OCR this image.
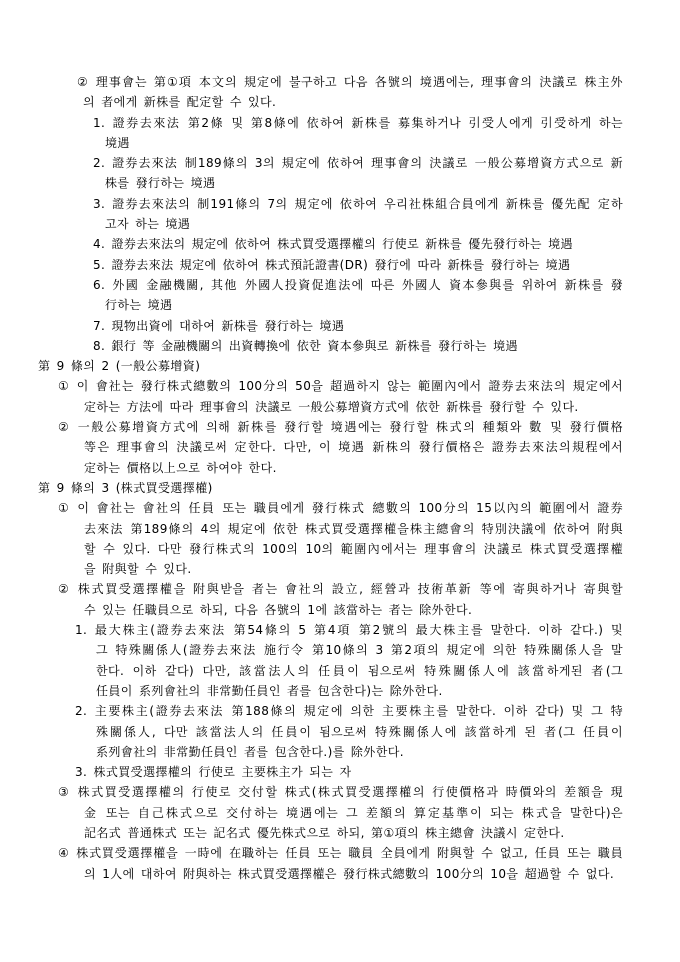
② 理事會는 第①項 本文의 規定에 불구하고 다음 各號의 境遇에는, 理事會의 決議로 株主外
의 者에게 新株를 配定할 수 있다.
1. 證券去來法 第2條 및 第8條에 依하여 新株를 募集하거나 引受人에게 引受하게 하는
境遇
2. 證券去來法 制189條의 3의 規定에 依하여 理事會의 決議로 一般公募增資方式으로 新
株를 發行하는 境遇
3. 證券去來法의 制191條의 7의 規定에 依하여 우리社株組合員에게 新株를 優先配 定하
고자 하는 境遇
4. 證券去來法의 規定에 依하여 株式買受選擇權의 行使로 新株를 優先發行하는 境遇
5. 證券去來法 規定에 依하여 株式預託證書(DR) 發行에 따라 新株를 發行하는 境遇
6. 外國 金融機關, 其他 外國人投資促進法에 따른 外國人 資本參與를 위하여 新株를 發
行하는 境遇
7. 現物出資에 대하여 新株를 發行하는 境遇
8. 銀行 等 金融機關의 出資轉換에 依한 資本參與로 新株를 發行하는 境遇
第 9 條의 2 (一般公募增資)
① 이 會社는 發行株式總數의 100分의 50을 超過하지 않는 範圍內에서 證券去來法의 規定에서
定하는 方法에 따라 理事會의 決議로 一般公募增資方式에 依한 新株를 發行할 수 있다.
② 一般公募增資方式에 의해 新株를 發行할 境遇에는 發行할 株式의 種類와 數 및 發行價格
等은 理事會의 決議로써 定한다. 다만, 이 境遇 新株의 發行價格은 證券去來法의規程에서
定하는 價格以上으로 하여야 한다.
第 9 條의 3 (株式買受選擇權)
① 이 會社는 會社의 任員 또는 職員에게 發行株式 總數의 100分의 15以內의 範圍에서 證券
去來法 第189條의 4의 規定에 依한 株式買受選擇權을株主總會의 特別決議에 依하여 附與
할 수 있다. 다만 發行株式의 100의 10의 範圍內에서는 理事會의 決議로 株式買受選擇權
을 附與할 수 있다.
② 株式買受選擇權을 附與받을 者는 會社의 設立, 經營과 技術革新 等에 寄與하거나 寄與할
수 있는 任職員으로 하되, 다음 各號의 1에 該當하는 者는 除外한다.
1. 最大株主(證券去來法 第54條의 5 第4項 第2號의 最大株主를 말한다. 이하 같다.) 및
그 特殊關係人(證券去來法 施行令 第10條의 3 第2項의 規定에 의한 特殊關係人을 말
한다. 이하 같다) 다만, 該當法人의 任員이 됨으로써 特殊關係人에 該當하게된 者(그
任員이 系列會社의 非常勤任員인 者를 包含한다)는 除外한다.
2. 主要株主(證券去來法 第188條의 規定에 의한 主要株主를 말한다. 이하 같다) 및 그 特
殊關係人, 다만 該當法人의 任員이 됨으로써 特殊關係人에 該當하게 된 者(그 任員이
系列會社의 非常勤任員인 者를 包含한다.)를 除外한다.
3. 株式買受選擇權의 行使로 主要株主가 되는 자
③ 株式買受選擇權의 行使로 交付할 株式(株式買受選擇權의 行使價格과 時價와의 差額을 現
金 또는 自己株式으로 交付하는 境遇에는 그 差額의 算定基準이 되는 株式을 말한다)은
記名式 普通株式 또는 記名式 優先株式으로 하되, 第①項의 株主總會 決議시 定한다.
④ 株式買受選擇權을 一時에 在職하는 任員 또는 職員 全員에게 附與할 수 없고, 任員 또는 職員
의 1人에 대하여 附與하는 株式買受選擇權은 發行株式總數의 100分의 10을 超過할 수 없다.
